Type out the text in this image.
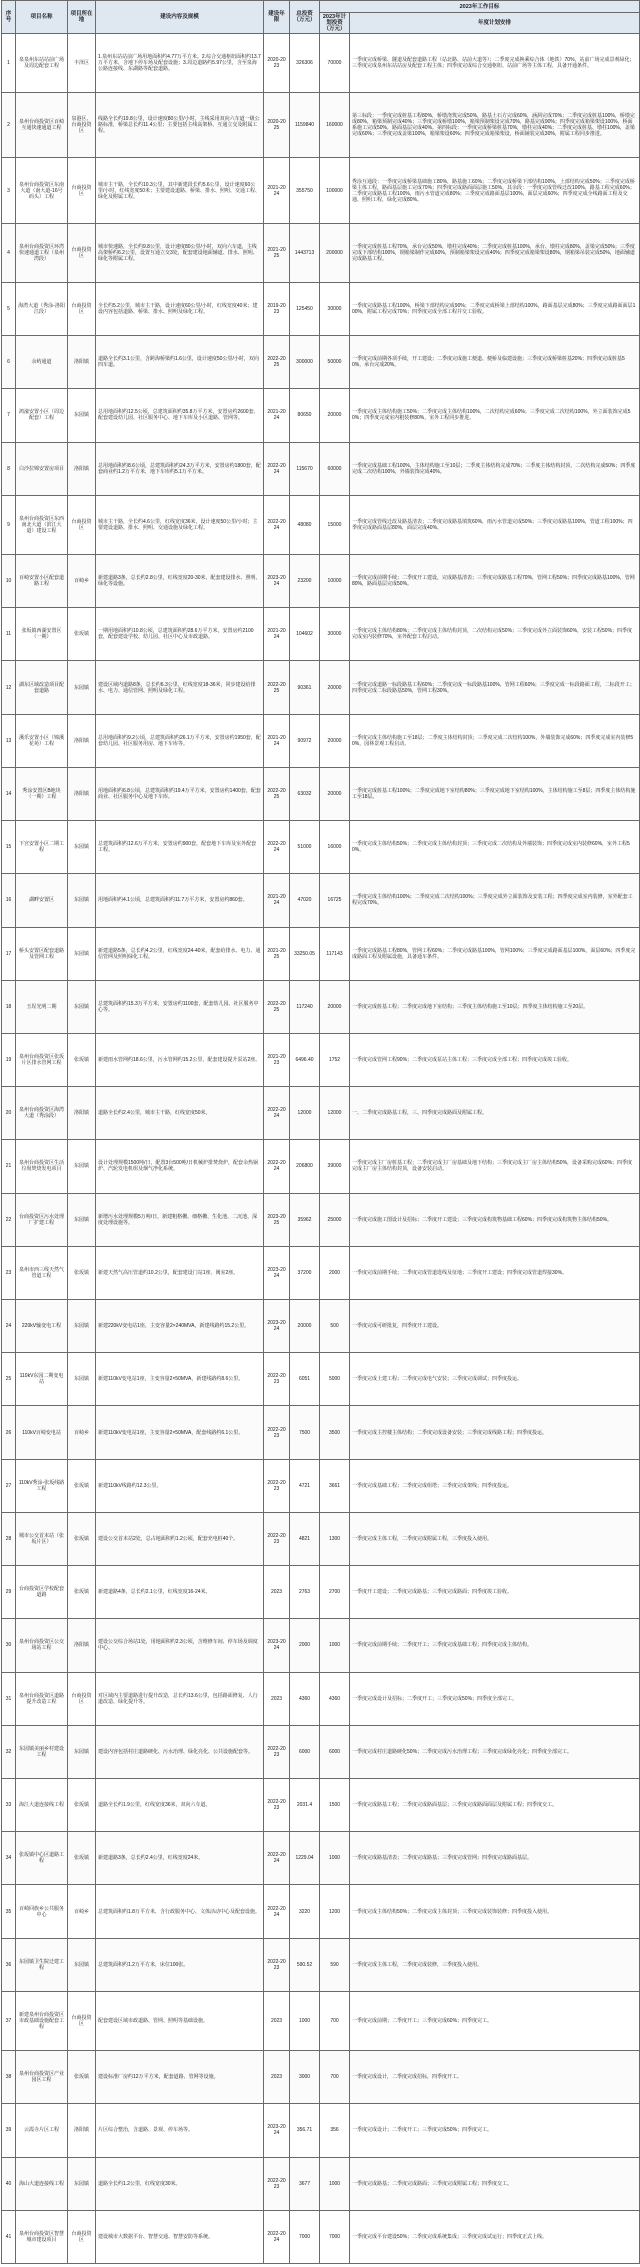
序号	项目名称	项目所在地	建设内容及规模	建设年限	总投资（万元）	2023年工作目标	
						2023年计划投资（万元）	年度计划安排
1	泉泉州东站站前广场及周边配套工程	丰泽区	1.泉州东站站前广场用地面积约4.77万平方米。2.综合交通枢纽面积约13.7万平方米，含地下停车场及配套设施；3.周边道路约5.97公里，含至泉海公路连接线、东湖路等配套道路。	2020-2023	326306	70000	一季度完成桥梁、隧道及配套道路工程（站北路、站前大道等）；二季度完成换乘综合体（地铁）70%，站前广场完成景观绿化；三季度完成泉州东站站房及配套工程主体；四季度完成综合交通枢纽、站前广场等主体工程，具备开通条件。
2	泉州台商投资区百崎互通快速通道工程	泉港区、台商投资区	线路全长约19.8公里，设计速度80公里/小时，主线采用双向六车道一级公路标准，桥梁总长约11.4公里；主要包括主线高架桥、互通立交及附属工程。	2020-2025	1159840	160000	第三标段：一季度完成桩基工程80%，桥墩浇筑完成50%，路基土石方完成60%，涵洞完成70%；二季度完成桩基100%，桥墩完成80%，箱梁预制完成40%；三季度完成桥墩100%，箱梁预制架设完成70%，路基完成90%；四季度完成箱梁架设100%，桥面系施工完成50%，路面基层完成40%。第四标段：一季度完成桥梁桩基70%，墩柱完成40%；二季度完成桩基、墩柱100%，盖梁完成60%；三季度完成盖梁100%，箱梁架设60%；四季度完成箱梁架设，桥面铺装完成30%，附属工程同步推进。
3	泉州台商投资区东南大道（南大道-16号码头）工程	台商投资区	城市主干路，全长约10.3公里，其中新建段长约5.6公里，设计速度60公里/小时，红线宽度50米；主要建设道路、桥梁、排水、照明、交通工程、绿化及附属工程。	2021-2024	355750	100000	秀涂互通段：一季度完成桥梁基础施工80%，路基施工60%；二季度完成桥梁下部结构100%，上部结构完成50%；三季度完成桥梁主体工程，路面基层施工完成70%；四季度完成路面面层施工50%。其余段：一季度完成管线迁改100%，路基工程完成60%；二季度完成路基工程100%，雨污水管道完成80%；三季度完成路面基层100%，面层完成60%；四季度完成全线路面工程及交通、照明工程，绿化完成80%。
4	泉州台商投资区环湾快速通道工程（泉州湾段）	台商投资区	城市快速路，全长约9.8公里，设计速度80公里/小时，双向六车道，主线高架桥约6.2公里，设置互通立交3处，配套建设地面辅道、排水、照明、绿化等附属工程。	2021-2025	1443713	200000	一季度完成桩基工程70%，承台完成50%，墩柱完成40%；二季度完成桩基100%，承台、墩柱完成80%，盖梁完成50%；三季度完成下部结构100%，钢箱梁制作完成60%，预制箱梁架设完成40%；四季度完成箱梁架设80%，钢箱梁吊装完成50%，地面辅道完成路基工程。
5	海湾大道（秀涂-洛阳江段）	台商投资区	全长约5.2公里，城市主干路，设计速度60公里/小时，红线宽度40米；建设内容包括道路、桥梁、排水、照明及绿化工程。	2019-2023	125450	30000	一季度完成路基工程100%，桥梁下部结构完成90%；二季度完成桥梁上部结构100%，路面基层完成80%；三季度完成路面面层100%，附属工程完成70%；四季度完成全部工程并交工验收。
6	余屿通道	洛阳镇	道路全长约3.1公里，含跨海桥梁约1.6公里，设计速度50公里/小时，双向四车道。	2022-2025	300000	50000	一季度完成前期各项手续，开工建设；二季度完成施工便道、便桥及临建设施；三季度完成桥梁桩基20%；四季度完成桩基50%，承台完成20%。
7	鸿濠安置小区（周边配套）工程	东园镇	总用地面积约12.5公顷，总建筑面积约35.8万平方米，安置房约2600套，配套建设幼儿园、社区服务中心、地下车库及小区道路、管网等。	2021-2024	80650	20000	一季度完成主体结构施工50%；二季度完成主体结构100%，二次结构完成60%；三季度完成二次结构100%，外立面装饰完成50%；四季度完成室内粗装修80%，室外工程同步推进。
8	白沙拉锦安置房项目	洛阳镇	总用地面积约8.6公顷，总建筑面积约24.3万平方米，安置房约1800套，配套商业约1.2万平方米，地下车库约5.1万平方米。	2022-2024	115670	60000	一季度完成基础工程100%，主体结构施工至10层；二季度主体结构完成70%；三季度主体结构封顶，二次结构完成50%；四季度完成二次结构100%，外墙装饰完成40%。
9	泉州台商投资区东西南北大道（滨江大道）建设工程	台商投资区	城市主干路，全长约4.6公里，红线宽度36米，设计速度50公里/小时；主要建设道路、排水、照明、交通设施及绿化工程。	2022-2024	48080	15000	一季度完成管线迁改及路基清表；二季度完成路基填筑60%，雨污水管道完成50%；三季度完成路基100%，管道工程100%；四季度完成路面基层80%，面层完成40%。
10	百崎安置小区配套道路工程	百崎乡	新建道路3条，总长约2.8公里，红线宽度20-30米，配套建设排水、照明、绿化等设施。	2023-2024	23200	10000	一季度完成前期手续；二季度开工建设，完成路基清表；三季度完成路基工程70%，管网工程50%；四季度完成路基100%，管网80%，路面基层完成50%。
11	张坂镇西湖安置区（一期）	张坂镇	一期用地面积约10.8公顷，总建筑面积约28.6万平方米，安置房约2100套，配套建设学校、幼儿园、社区中心及市政道路。	2021-2024	104602	30000	一季度完成主体结构80%；二季度完成主体结构封顶，二次结构完成50%；三季度完成外立面装饰60%，安装工程50%；四季度完成室内装修70%，室外配套工程启动。
12	湖东区域改造项目配套道路	东园镇	建设区域内道路8条，总长约6.3公里，红线宽度18-36米，同步建设给排水、电力、通信管网、照明及绿化工程。	2022-2025	90361	20000	一季度完成道路一标段路基工程60%；二季度完成一标段路基100%，管网工程60%；三季度完成一标段路面工程，二标段开工；四季度完成二标段路基50%，管网工程30%。
13	溪乐安置小区（锦溪花苑）工程	洛阳镇	总用地面积约9.2公顷，总建筑面积约26.1万平方米，安置房约1950套，配套幼儿园、社区服务用房、地下车库等。	2021-2024	90972	20000	一季度完成主体结构施工至18层；二季度主体结构封顶；三季度完成二次结构100%，外墙装饰完成60%；四季度完成室内装修50%，园林景观工程启动。
14	秀涂安置区B地块（一期）工程	洛阳镇	用地面积约6.8公顷，总建筑面积约19.4万平方米，安置房约1400套，配套商业、社区服务中心及地下车库。	2022-2025	63032	20000	一季度完成桩基工程100%；二季度完成地下室结构80%；三季度完成地下室结构100%，主体结构施工至8层；四季度主体结构施工至18层。
15	下宫安置小区二期工程	东园镇	总建筑面积约12.6万平方米，安置房约900套，配套地下车库及室外配套工程。	2022-2024	51000	16000	一季度完成主体结构50%；二季度完成主体结构封顶；三季度完成二次结构及外墙装饰；四季度完成室内装修60%，室外工程50%。
16	湖畔安置区	东园镇	用地面积约4.1公顷，总建筑面积约11.7万平方米，安置房约860套。	2021-2024	47020	16725	一季度完成主体结构100%；二季度完成二次结构100%；三季度完成外立面装饰及安装工程；四季度完成室内装修，室外配套工程完成70%。
17	桥头安置区配套道路及管网工程	东园镇	新建道路5条，总长约4.2公里，红线宽度24-40米，配套给排水、电力、通信管网及照明绿化工程。	2021-2025	33250.05	117143	一季度完成路基工程80%，管网工程60%；二季度完成路基100%，管网100%；三季度完成路面基层100%，面层60%；四季度完成路面工程及附属设施，具备通车条件。
18	玉埕光明二期	东园镇	总建筑面积约15.3万平方米，安置房约1100套，配套幼儿园、社区服务中心等。	2022-2025	117240	20000	一季度完成桩基工程；二季度完成地下室结构；三季度主体结构施工至10层；四季度主体结构施工至20层。
19	泉州台商投资区张坂片区排水管网工程	张坂镇	新建雨水管网约18.6公里，污水管网约15.2公里，配套建设提升泵站2座。	2021-2023	6496.40	1752	一季度完成管网工程90%；二季度完成泵站主体工程；三季度完成全部工程；四季度完成竣工验收。
20	泉州台商投资区海湾大道（秀涂段）	洛阳镇	道路全长约2.4公里，城市主干路，红线宽度50米。	2022-2024	12000	12000	一、二季度完成路基工程，三、四季度完成路面及附属工程。
21	泉州台商投资区生活垃圾焚烧发电项目	东园镇	设计处理规模1500吨/日，配置3台500吨/日机械炉排焚烧炉，配套余热锅炉、汽轮发电机组及烟气净化系统。	2022-2024	206800	39000	一季度完成主厂房桩基工程；二季度完成主厂房基础及地下结构；三季度完成主厂房主体结构50%，设备采购完成60%；四季度完成主厂房主体结构封顶，设备安装启动。
22	台商投资区污水处理厂扩建工程	东园镇	新增污水处理规模5万吨/日，新建粗格栅、细格栅、生化池、二沉池、深度处理设施等。	2023-2025	35962	25000	一季度完成施工图设计及招标；二季度开工建设；三季度完成构筑物基础工程60%；四季度完成构筑物主体结构50%。
23	泉州市西三线天然气管道工程	张坂镇	新建天然气高压管道约10.2公里，配套建设门站1座、阀室2座。	2023-2024	37200	2000	一季度完成前期手续；二季度完成管道选线及征地；三季度开工建设；四季度完成管道焊接30%。
24	220kV输变电工程	东园镇	新建220kV变电站1座，主变容量2×240MVA，新建线路约15.2公里。	2023-2024	20000	500	一季度完成可研批复，四季度开工建设。
25	110kV东园二期变电站	东园镇	新建110kV变电站1座，主变容量2×50MVA，新建线路约8.6公里。	2022-2023	6051	5000	一季度完成土建工程；二季度完成电气安装；三季度完成调试；四季度投运。
26	110kV百崎变电站	百崎乡	新建110kV变电站1座，主变容量2×50MVA，配套线路约6.1公里。	2022-2023	7500	3500	一季度完成主控楼主体结构；二季度完成设备安装；三季度完成线路工程；四季度投运。
27	110kV秀涂-张坂线路工程	张坂镇	新建110kV线路约12.3公里。	2022-2023	4721	3661	一季度完成基础工程；二季度完成组塔；三季度完成架线；四季度投运。
28	城市公交首末站（张坂片区）	张坂镇	建设公交首末站2处，总占地面积约1.2公顷，配套充电桩40个。	2022-2023	4821	1300	一季度完成主体工程，二季度完成附属工程，三季度投入使用。
29	台商投资区学校配套道路	张坂镇	新建道路4条，总长约2.1公里，红线宽度16-24米。	2023	2763	2700	一季度开工建设；二季度完成路基；三季度完成路面；四季度竣工验收。
30	泉州台商投资区公交场站工程	洛阳镇	建设公交综合场站1处，用地面积约2.3公顷，含维修车间、停车场及调度中心。	2023-2024	2000	1000	一季度完成前期手续；二季度开工；三季度完成基础工程；四季度完成主体结构。
31	泉州台商投资区道路提升改造工程	台商投资区	对区域内主要道路进行提升改造，总长约13.6公里，包括路面修复、人行道改造、绿化提升等。	2023	4360	4360	一季度完成设计及招标；二季度开工；三季度完成50%；四季度全部完工。
32	东园镇美丽乡村建设工程	东园镇	建设内容包括村庄道路硬化、污水治理、绿化亮化、公共设施配套等。	2022-2023	6000	6000	一季度完成村庄道路硬化50%；二季度完成污水治理工程；三季度完成绿化亮化；四季度全部完工。
33	海江大道连接线工程	张坂镇	道路全长约1.9公里，红线宽度36米，双向六车道。	2022-2023	2031.4	1500	一季度完成路基工程；二季度完成路面基层；三季度完成路面面层及附属工程；四季度交工。
34	张坂镇中心区道路工程	张坂镇	新建道路3条，总长约2.4公里，红线宽度24米。	2022-2024	1229.04	1000	一季度完成路基清表；二季度完成路基；三季度完成管网；四季度完成路面基层。
35	百崎回族乡公共服务中心	百崎乡	总建筑面积约1.8万平方米，含行政服务中心、文体活动中心及配套设施。	2022-2024	3220	1200	一季度完成主体结构50%；二季度完成主体封顶；三季度完成装饰装修；四季度投入使用。
36	东园镇卫生院迁建工程	东园镇	总建筑面积约1.2万平方米，床位100张。	2022-2023	590.52	590	一季度完成主体工程，二季度完成装修，三季度投入使用。
37	新建泉州台商投资区市政基础设施配套工程	台商投资区	配套建设区域市政道路、管网、照明等基础设施。	2023	1000	700	一季度完成前期；二季度开工；三季度完成60%；四季度完工。
38	泉州台商投资区产业园区工程	张坂镇	建设标准厂房约12万平方米，配套道路、管网等设施。	2023	3000	700	一季度完成设计，二季度完成招标，四季度开工。
39	云霞寺片区工程	洛阳镇	片区综合整治，含道路、景观、停车场等。	2023-2024	356.71	356	一季度完成设计；二季度开工；三季度完成50%；四季度完工。
40	海山大道连接线工程	东园镇	道路全长约1.2公里，红线宽度30米。	2022-2023	3677	1000	一季度完成路基；二季度完成路面；三季度完成附属工程；四季度交工。
41	泉州台商投资区智慧城市建设项目	台商投资区	建设城市大数据平台、智慧交通、智慧安防等系统。	2022-2024	7000	7000	一季度完成平台建设50%；二季度完成系统集成；三季度完成试运行；四季度正式上线。
